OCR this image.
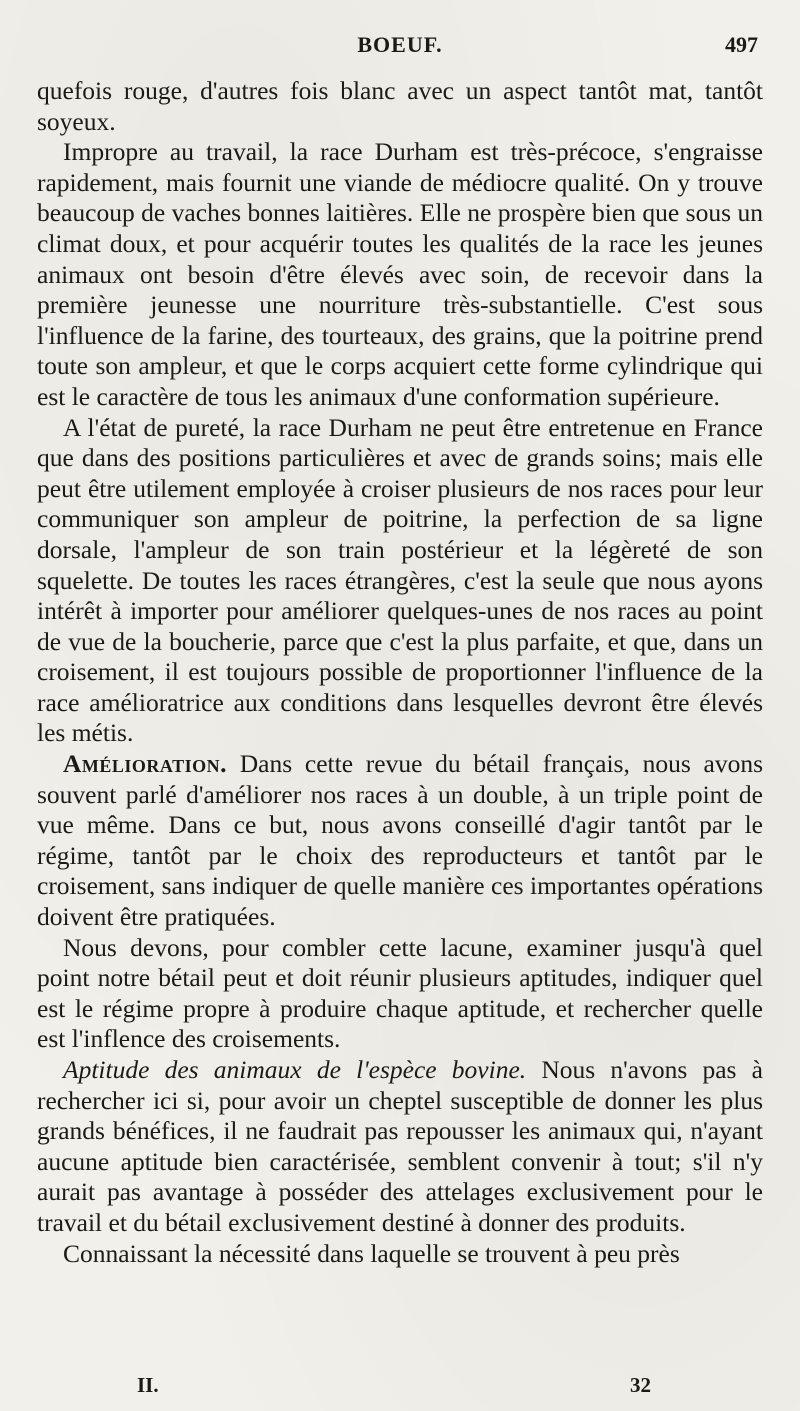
BOEUF.	497

quefois rouge, d'autres fois blanc avec un aspect tantôt mat, tantôt soyeux.

Impropre au travail, la race Durham est très-précoce, s'engraisse rapidement, mais fournit une viande de médiocre qualité. On y trouve beaucoup de vaches bonnes laitières. Elle ne prospère bien que sous un climat doux, et pour acquérir toutes les qualités de la race les jeunes animaux ont besoin d'être élevés avec soin, de recevoir dans la première jeunesse une nourriture très-substantielle. C'est sous l'influence de la farine, des tourteaux, des grains, que la poitrine prend toute son ampleur, et que le corps acquiert cette forme cylindrique qui est le caractère de tous les animaux d'une conformation supérieure.

A l'état de pureté, la race Durham ne peut être entretenue en France que dans des positions particulières et avec de grands soins; mais elle peut être utilement employée à croiser plusieurs de nos races pour leur communiquer son ampleur de poitrine, la perfection de sa ligne dorsale, l'ampleur de son train postérieur et la légèreté de son squelette. De toutes les races étrangères, c'est la seule que nous ayons intérêt à importer pour améliorer quelques-unes de nos races au point de vue de la boucherie, parce que c'est la plus parfaite, et que, dans un croisement, il est toujours possible de proportionner l'influence de la race amélioratrice aux conditions dans lesquelles devront être élevés les métis.

Amélioration. Dans cette revue du bétail français, nous avons souvent parlé d'améliorer nos races à un double, à un triple point de vue même. Dans ce but, nous avons conseillé d'agir tantôt par le régime, tantôt par le choix des reproducteurs et tantôt par le croisement, sans indiquer de quelle manière ces importantes opérations doivent être pratiquées.

Nous devons, pour combler cette lacune, examiner jusqu'à quel point notre bétail peut et doit réunir plusieurs aptitudes, indiquer quel est le régime propre à produire chaque aptitude, et rechercher quelle est l'inflence des croisements.

Aptitude des animaux de l'espèce bovine. Nous n'avons pas à rechercher ici si, pour avoir un cheptel susceptible de donner les plus grands bénéfices, il ne faudrait pas repousser les animaux qui, n'ayant aucune aptitude bien caractérisée, semblent convenir à tout; s'il n'y aurait pas avantage à posséder des attelages exclusivement pour le travail et du bétail exclusivement destiné à donner des produits.

Connaissant la nécessité dans laquelle se trouvent à peu près

II.	32
